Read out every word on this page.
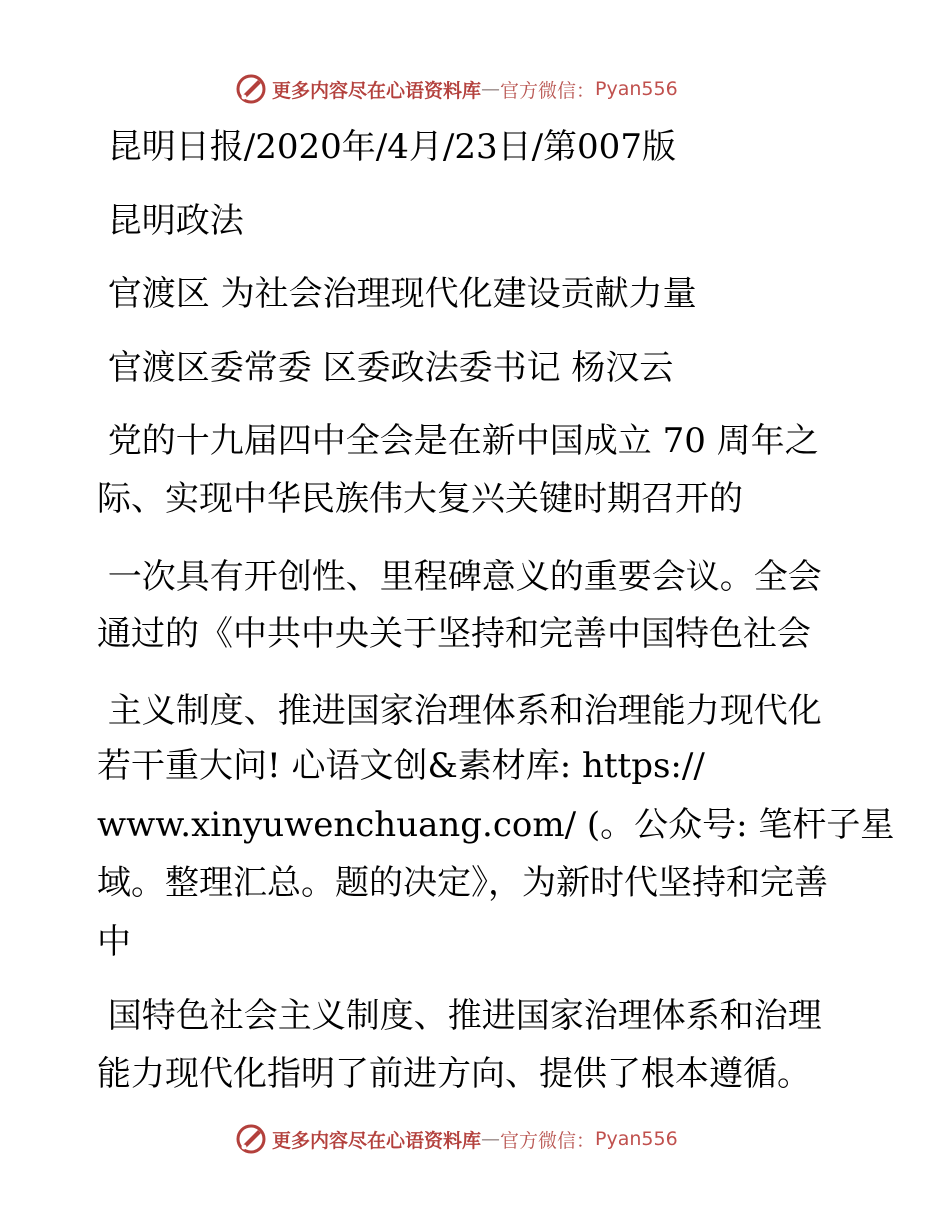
更多内容尽在心语资料库 — 官方微信： Pyan556
昆明日报/2020年/4月/23日/第007版
昆明政法
官渡区 为社会治理现代化建设贡献力量
官渡区委常委 区委政法委书记 杨汉云
党的十九届四中全会是在新中国成立 70 周年之
际、实现中华民族伟大复兴关键时期召开的
一次具有开创性、里程碑意义的重要会议。全会
通过的《中共中央关于坚持和完善中国特色社会
主义制度、推进国家治理体系和治理能力现代化
若干重大问! 心语文创&素材库: https://
www.xinyuwenchuang.com/ (。公众号: 笔杆子星
域。整理汇总。题的决定》，为新时代坚持和完善
中
国特色社会主义制度、推进国家治理体系和治理
能力现代化指明了前进方向、提供了根本遵循。
更多内容尽在心语资料库 — 官方微信： Pyan556
